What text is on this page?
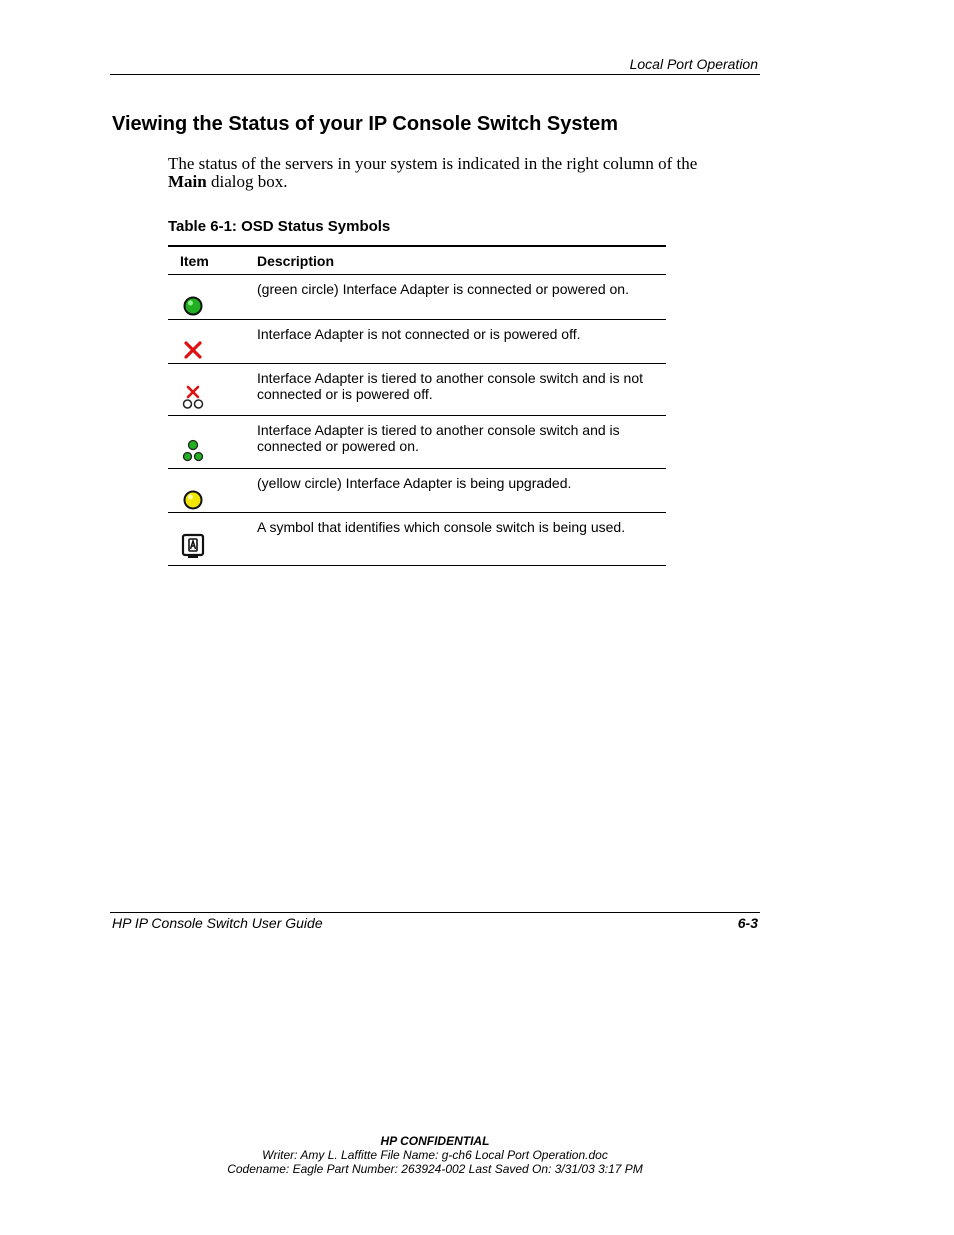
Local Port Operation
Viewing the Status of your IP Console Switch System

The status of the servers in your system is indicated in the right column of the Main dialog box.

Table 6-1: OSD Status Symbols
Item	Description
(green circle) Interface Adapter is connected or powered on.
Interface Adapter is not connected or is powered off.
Interface Adapter is tiered to another console switch and is not connected or is powered off.
Interface Adapter is tiered to another console switch and is connected or powered on.
(yellow circle) Interface Adapter is being upgraded.
A symbol that identifies which console switch is being used.
HP IP Console Switch User Guide	6-3
HP CONFIDENTIAL
Writer: Amy L. Laffitte File Name: g-ch6 Local Port Operation.doc
Codename: Eagle Part Number: 263924-002 Last Saved On: 3/31/03 3:17 PM
